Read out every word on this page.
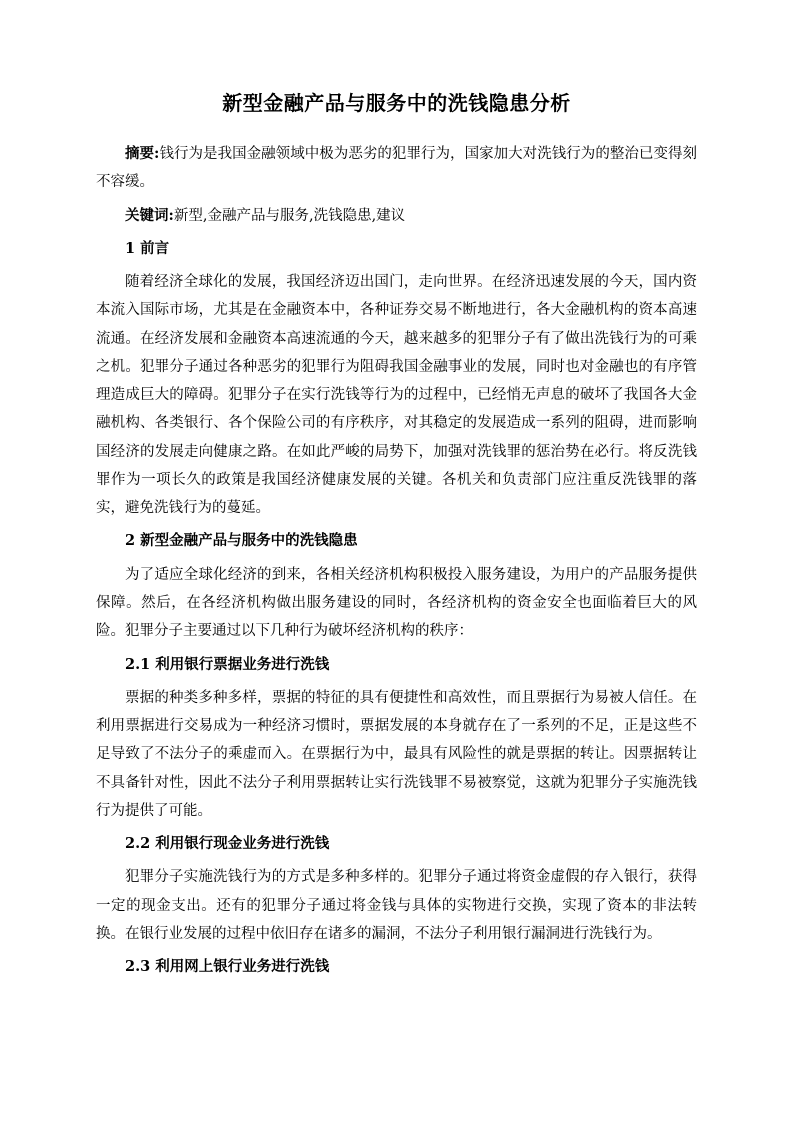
新型金融产品与服务中的洗钱隐患分析

摘要:钱行为是我国金融领域中极为恶劣的犯罪行为，国家加大对洗钱行为的整治已变得刻不容缓。

关键词:新型,金融产品与服务,洗钱隐患,建议

1 前言

随着经济全球化的发展，我国经济迈出国门，走向世界。在经济迅速发展的今天，国内资本流入国际市场，尤其是在金融资本中，各种证券交易不断地进行，各大金融机构的资本高速流通。在经济发展和金融资本高速流通的今天，越来越多的犯罪分子有了做出洗钱行为的可乘之机。犯罪分子通过各种恶劣的犯罪行为阻碍我国金融事业的发展，同时也对金融也的有序管理造成巨大的障碍。犯罪分子在实行洗钱等行为的过程中，已经悄无声息的破坏了我国各大金融机构、各类银行、各个保险公司的有序秩序，对其稳定的发展造成一系列的阻碍，进而影响国经济的发展走向健康之路。在如此严峻的局势下，加强对洗钱罪的惩治势在必行。将反洗钱罪作为一项长久的政策是我国经济健康发展的关键。各机关和负责部门应注重反洗钱罪的落实，避免洗钱行为的蔓延。

2 新型金融产品与服务中的洗钱隐患

为了适应全球化经济的到来，各相关经济机构积极投入服务建设，为用户的产品服务提供保障。然后，在各经济机构做出服务建设的同时，各经济机构的资金安全也面临着巨大的风险。犯罪分子主要通过以下几种行为破坏经济机构的秩序：

2.1 利用银行票据业务进行洗钱

票据的种类多种多样，票据的特征的具有便捷性和高效性，而且票据行为易被人信任。在利用票据进行交易成为一种经济习惯时，票据发展的本身就存在了一系列的不足，正是这些不足导致了不法分子的乘虚而入。在票据行为中，最具有风险性的就是票据的转让。因票据转让不具备针对性，因此不法分子利用票据转让实行洗钱罪不易被察觉，这就为犯罪分子实施洗钱行为提供了可能。

2.2 利用银行现金业务进行洗钱

犯罪分子实施洗钱行为的方式是多种多样的。犯罪分子通过将资金虚假的存入银行，获得一定的现金支出。还有的犯罪分子通过将金钱与具体的实物进行交换，实现了资本的非法转换。在银行业发展的过程中依旧存在诸多的漏洞，不法分子利用银行漏洞进行洗钱行为。

2.3 利用网上银行业务进行洗钱
